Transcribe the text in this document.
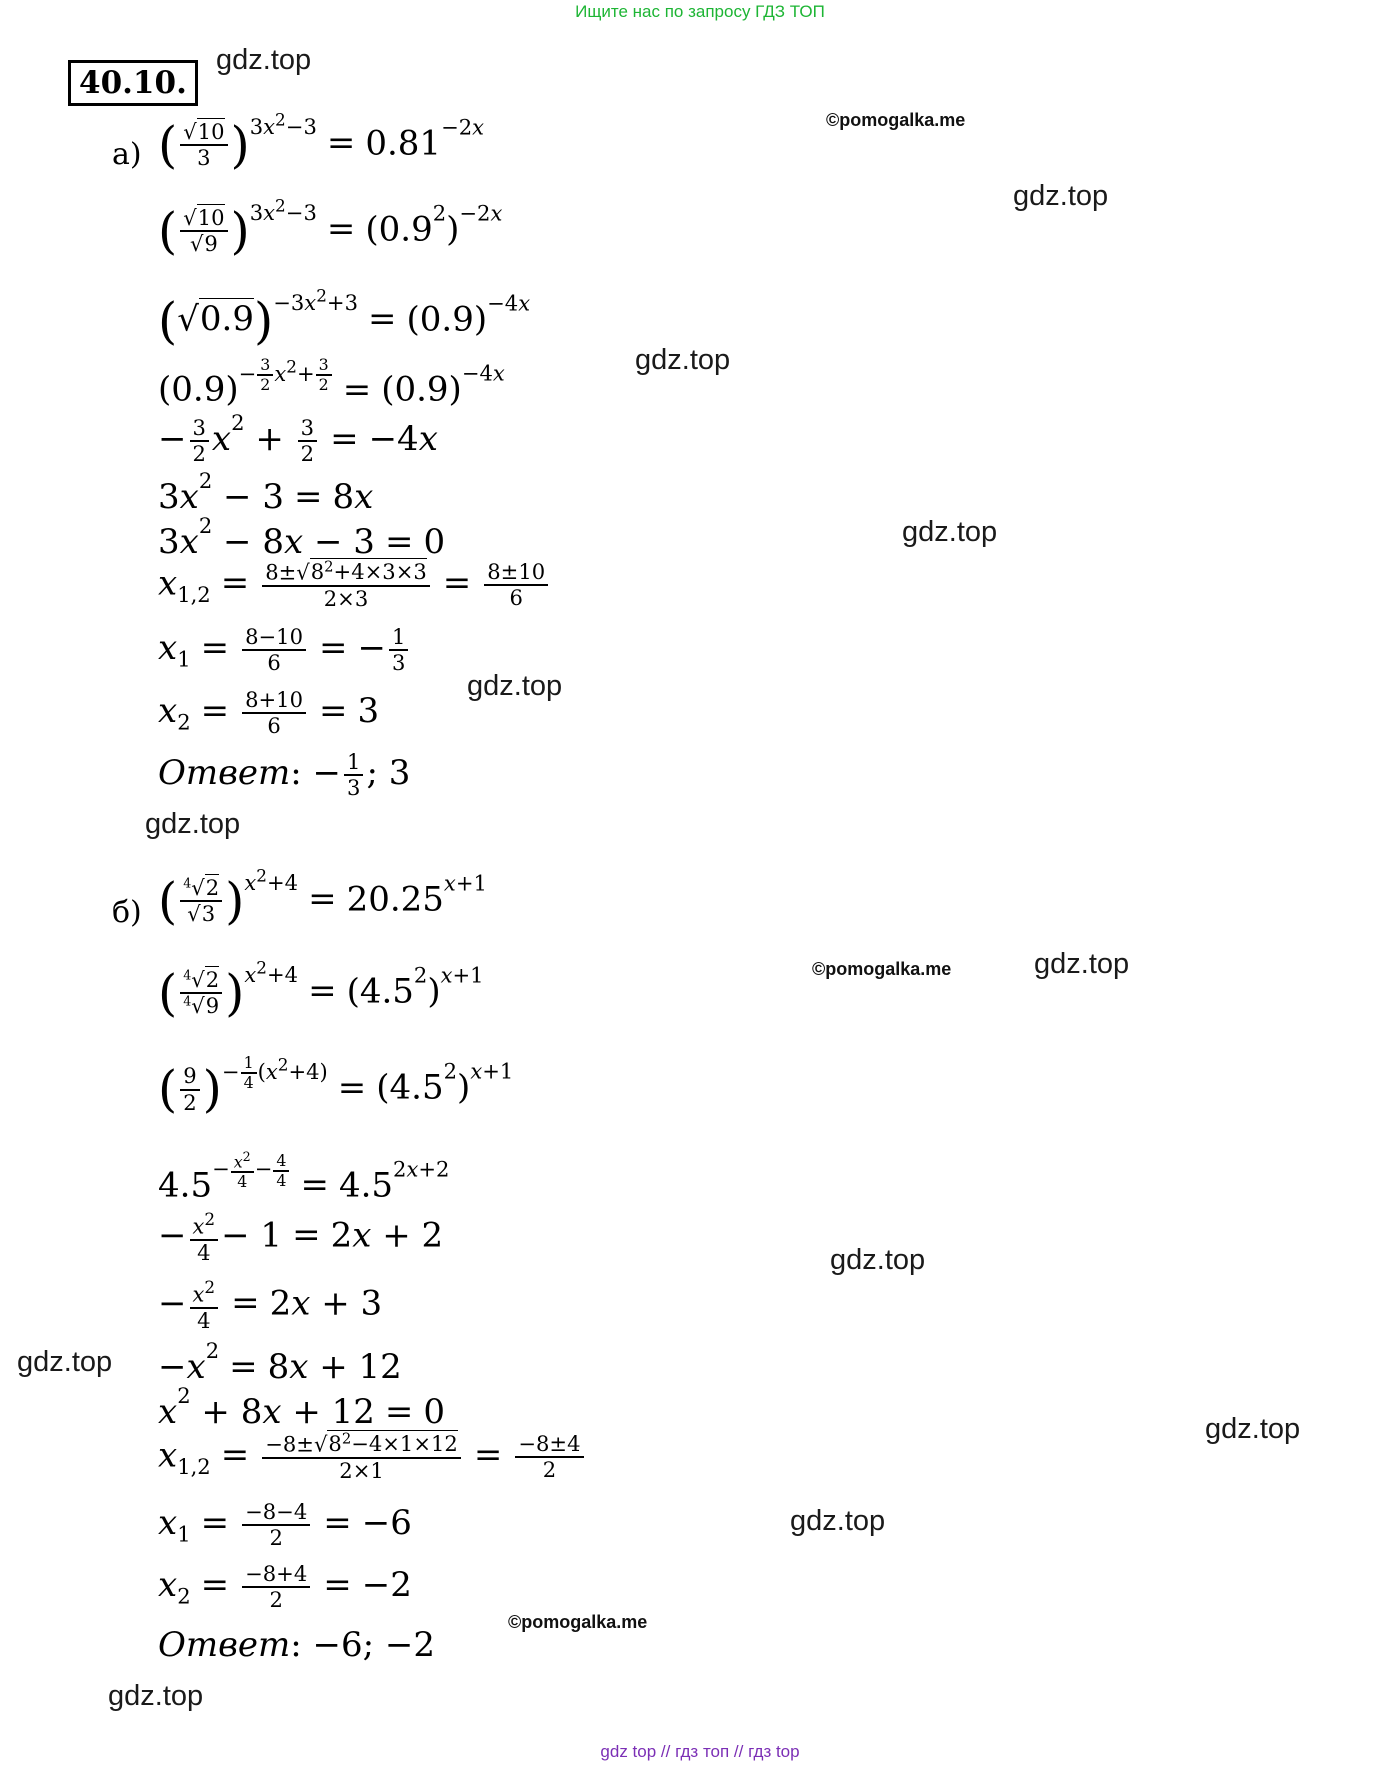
Ищите нас по запросу ГДЗ ТОП
40.10.
gdz.top
©pomogalka.me
gdz.top
gdz.top
gdz.top
gdz.top
gdz.top
©pomogalka.me	gdz.top
gdz.top
gdz.top
gdz.top
gdz.top
©pomogalka.me
gdz.top
а) ( $\frac{√10}{3} )^{3x^2-3} = 0.81^{-2x}$
( $\frac{√10}{√9} )^{3x^2-3} = (0.9^2)^{-2x}$
$(√0.9)^{-3x^2+3} = (0.9)^{-4x}$
$(0.9)^{- \frac{3}{2} x^2+ \frac{3}{2}} = (0.9)^{-4x}$
− $\frac{3}{2} x^2 + \frac{3}{2} = -4x$
$3x^2 - 3 = 8x$
$3x^2 - 8x - 3 = 0$
$x_{1,2} = \frac{8\pm√8^2+4\times 3\times 3}{2\times 3} = \frac{8\pm 10}{6}$
$x_1 = \frac{8-10}{6}$ = − $\frac{1}{3}$
$x_2 = \frac{8+10}{6} = 3$
Ответ: − $\frac{1}{3}$ ; 3
б) ( $\frac{^4√2}{√3} )^{x^2+4} = 20.25^{x+1}$
( $\frac{^4√2}{^4√9} )^{x^2+4} = (4.5^2)^{x+1}$
( $\frac{9}{2} )^{- \frac{1}{4} (x^2+4)} = (4.5^2)^{x+1}$
$4.5^{- \frac{x^2}{4} - \frac{4}{4}} = 4.5^{2x+2}$
− $\frac{x^2}{4} - 1 = 2x + 2$
− $\frac{x^2}{4} = 2x + 3$
$-x^2 = 8x + 12$
$x^2 + 8x + 12 = 0$
$x_{1,2} = \frac{-8\pm√8^2-4\times 1\times 12}{2\times 1} = \frac{-8\pm 4}{2}$
$x_1 = \frac{-8-4}{2} = -6$
$x_2 = \frac{-8+4}{2} = -2$
Ответ: −6; −2
gdz top // гдз топ // гдз top
